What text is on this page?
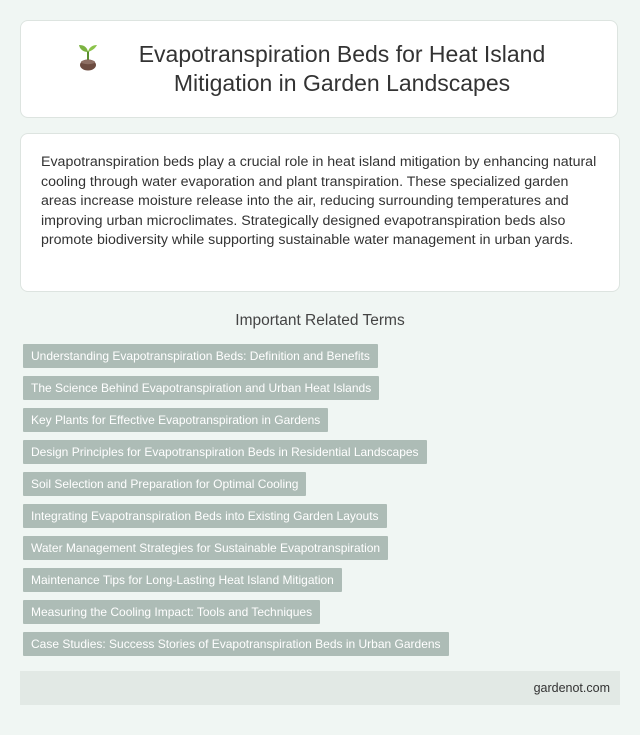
Evapotranspiration Beds for Heat Island Mitigation in Garden Landscapes

Evapotranspiration beds play a crucial role in heat island mitigation by enhancing natural cooling through water evaporation and plant transpiration. These specialized garden areas increase moisture release into the air, reducing surrounding temperatures and improving urban microclimates. Strategically designed evapotranspiration beds also promote biodiversity while supporting sustainable water management in urban yards.

Important Related Terms
Understanding Evapotranspiration Beds: Definition and Benefits
The Science Behind Evapotranspiration and Urban Heat Islands
Key Plants for Effective Evapotranspiration in Gardens
Design Principles for Evapotranspiration Beds in Residential Landscapes
Soil Selection and Preparation for Optimal Cooling
Integrating Evapotranspiration Beds into Existing Garden Layouts
Water Management Strategies for Sustainable Evapotranspiration
Maintenance Tips for Long-Lasting Heat Island Mitigation
Measuring the Cooling Impact: Tools and Techniques
Case Studies: Success Stories of Evapotranspiration Beds in Urban Gardens
gardenot.com
